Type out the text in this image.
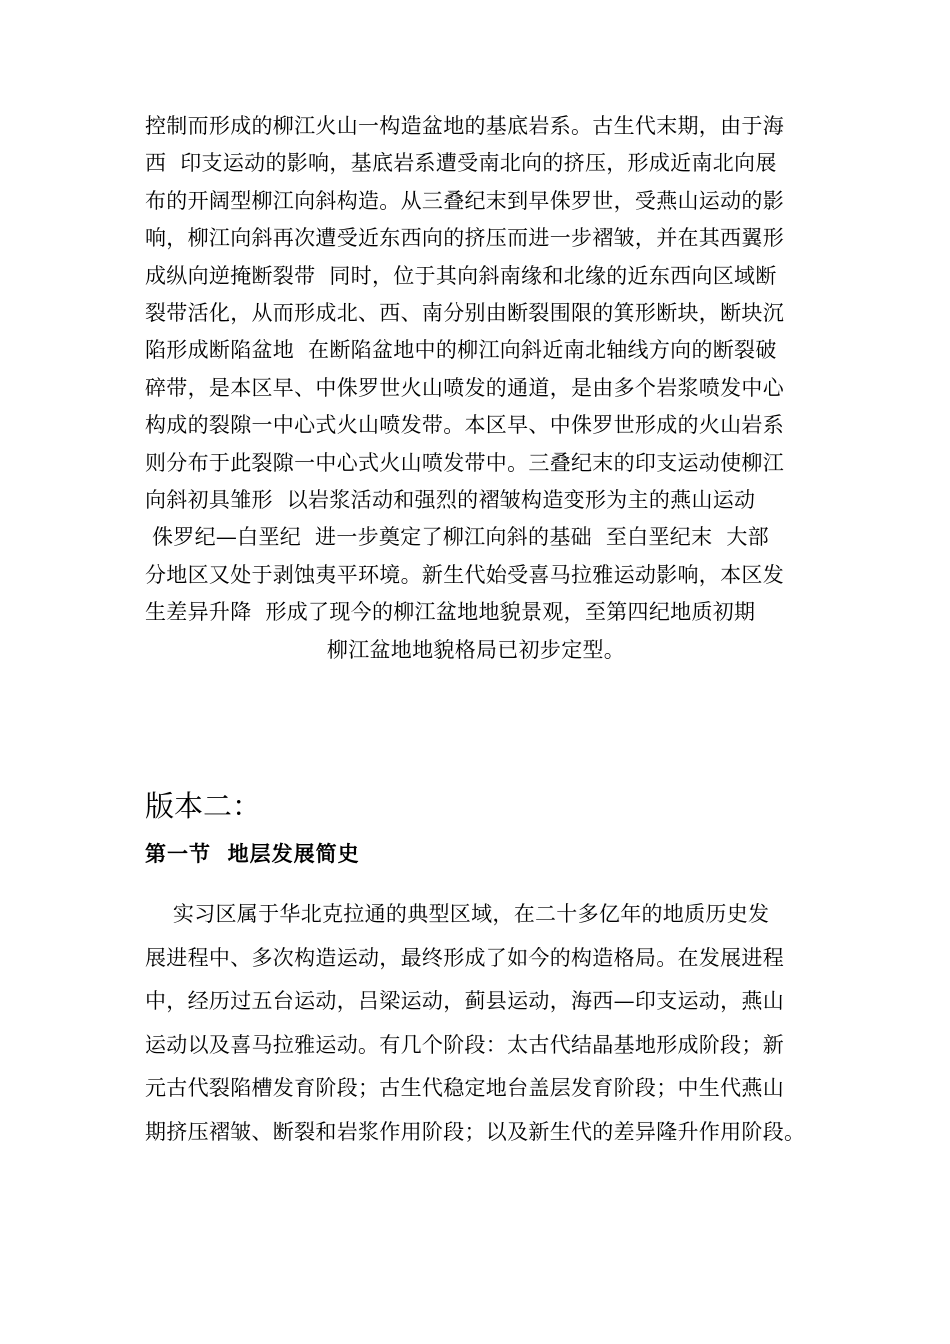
控制而形成的柳江火山一构造盆地的基底岩系。古生代末期，由于海
西  印支运动的影响，基底岩系遭受南北向的挤压，形成近南北向展
布的开阔型柳江向斜构造。从三叠纪末到早侏罗世，受燕山运动的影
响，柳江向斜再次遭受近东西向的挤压而进一步褶皱，并在其西翼形
成纵向逆掩断裂带  同时，位于其向斜南缘和北缘的近东西向区域断
裂带活化，从而形成北、西、南分别由断裂围限的箕形断块，断块沉
陷形成断陷盆地  在断陷盆地中的柳江向斜近南北轴线方向的断裂破
碎带，是本区早、中侏罗世火山喷发的通道，是由多个岩浆喷发中心
构成的裂隙一中心式火山喷发带。本区早、中侏罗世形成的火山岩系
则分布于此裂隙一中心式火山喷发带中。三叠纪末的印支运动使柳江
向斜初具雏形  以岩浆活动和强烈的褶皱构造变形为主的燕山运动
侏罗纪—白垩纪  进一步奠定了柳江向斜的基础  至白垩纪末  大部
分地区又处于剥蚀夷平环境。新生代始受喜马拉雅运动影响，本区发
生差异升降  形成了现今的柳江盆地地貌景观，至第四纪地质初期
柳江盆地地貌格局已初步定型。
版本二：
第一节  地层发展简史
实习区属于华北克拉通的典型区域，在二十多亿年的地质历史发
展进程中、多次构造运动，最终形成了如今的构造格局。在发展进程
中，经历过五台运动，吕梁运动，蓟县运动，海西—印支运动，燕山
运动以及喜马拉雅运动。有几个阶段：太古代结晶基地形成阶段；新
元古代裂陷槽发育阶段；古生代稳定地台盖层发育阶段；中生代燕山
期挤压褶皱、断裂和岩浆作用阶段；以及新生代的差异隆升作用阶段。
